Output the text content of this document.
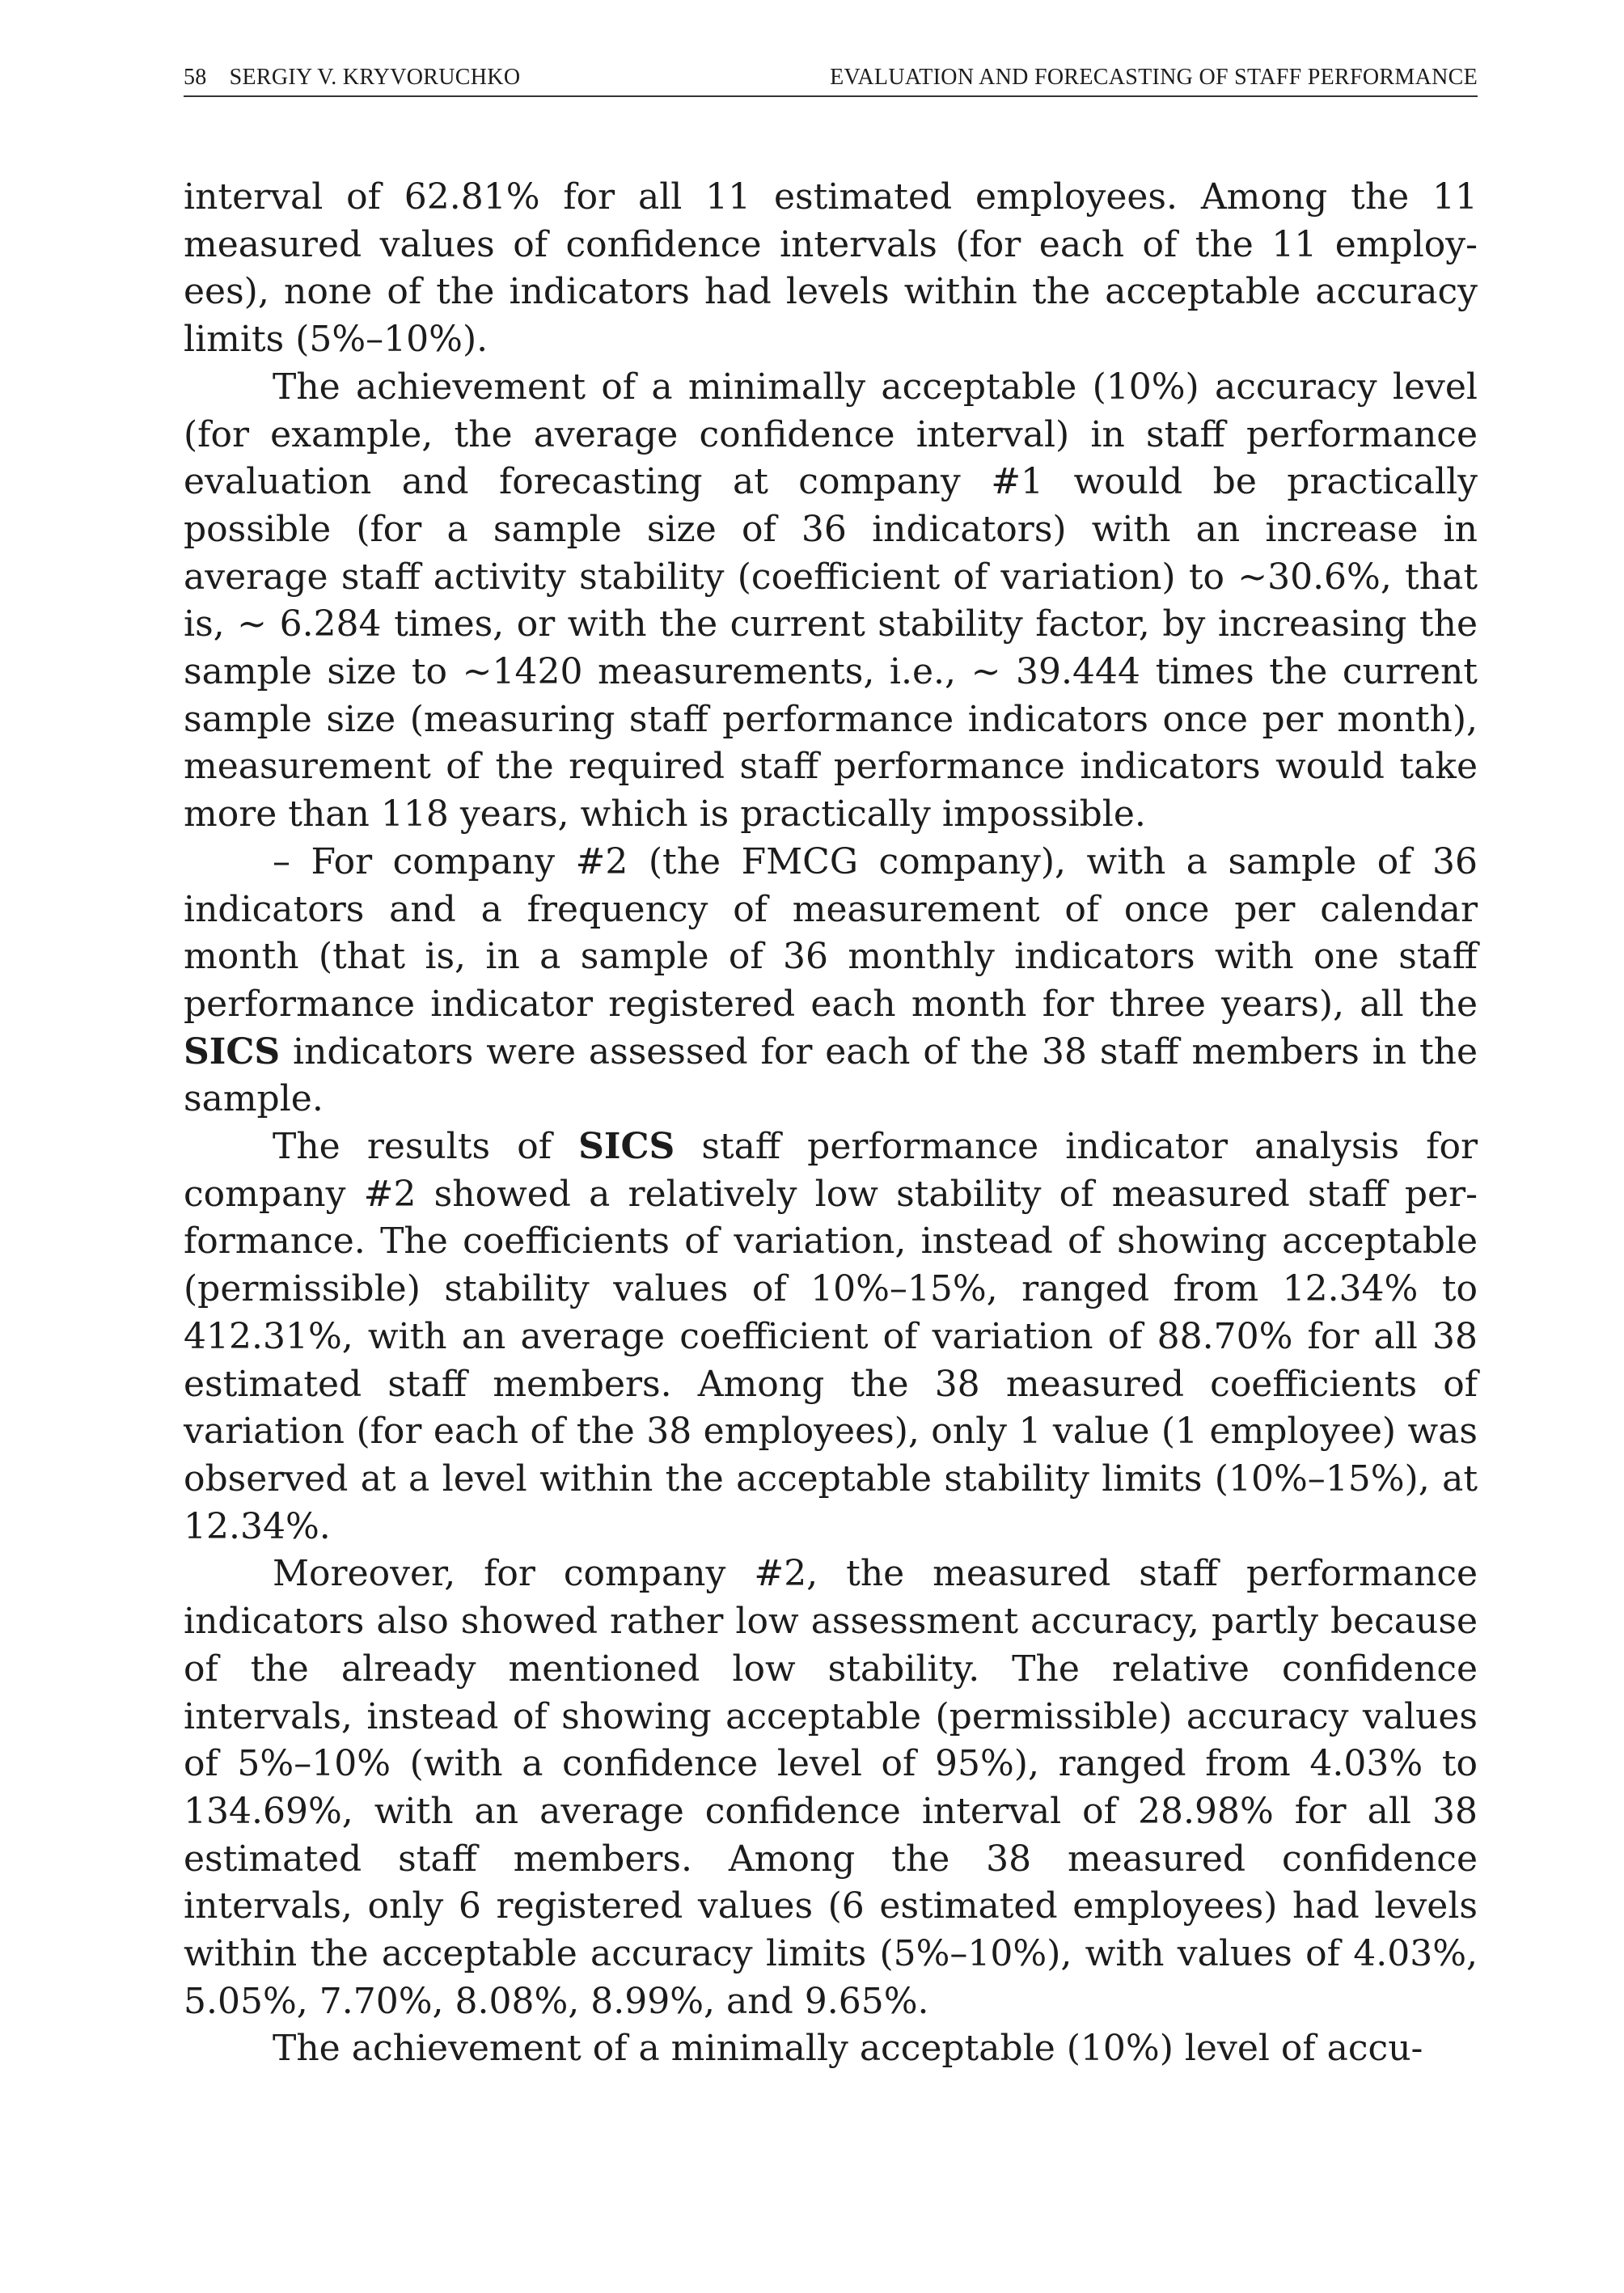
58 SERGIY V. KRYVORUCHKO	EVALUATION AND FORECASTING OF STAFF PERFORMANCE

interval of 62.81% for all 11 estimated employees. Among the 11 measured values of confidence intervals (for each of the 11 employees), none of the indicators had levels within the acceptable accuracy limits (5%–10%).

The achievement of a minimally acceptable (10%) accuracy level (for example, the average confidence interval) in staff performance evaluation and forecasting at company #1 would be practically possible (for a sample size of 36 indicators) with an increase in average staff activity stability (coefficient of variation) to ~30.6%, that is, ~ 6.284 times, or with the current stability factor, by increasing the sample size to ~1420 measurements, i.e., ~ 39.444 times the current sample size (measuring staff performance indicators once per month), measurement of the required staff performance indicators would take more than 118 years, which is practically impossible.

– For company #2 (the FMCG company), with a sample of 36 indicators and a frequency of measurement of once per calendar month (that is, in a sample of 36 monthly indicators with one staff performance indicator registered each month for three years), all the SICS indicators were assessed for each of the 38 staff members in the sample.

The results of SICS staff performance indicator analysis for company #2 showed a relatively low stability of measured staff performance. The coefficients of variation, instead of showing acceptable (permissible) stability values of 10%–15%, ranged from 12.34% to 412.31%, with an average coefficient of variation of 88.70% for all 38 estimated staff members. Among the 38 measured coefficients of variation (for each of the 38 employees), only 1 value (1 employee) was observed at a level within the acceptable stability limits (10%–15%), at 12.34%.

Moreover, for company #2, the measured staff performance indicators also showed rather low assessment accuracy, partly because of the already mentioned low stability. The relative confidence intervals, instead of showing acceptable (permissible) accuracy values of 5%–10% (with a confidence level of 95%), ranged from 4.03% to 134.69%, with an average confidence interval of 28.98% for all 38 estimated staff members. Among the 38 measured confidence intervals, only 6 registered values (6 estimated employees) had levels within the acceptable accuracy limits (5%–10%), with values of 4.03%, 5.05%, 7.70%, 8.08%, 8.99%, and 9.65%.

The achievement of a minimally acceptable (10%) level of accu-
